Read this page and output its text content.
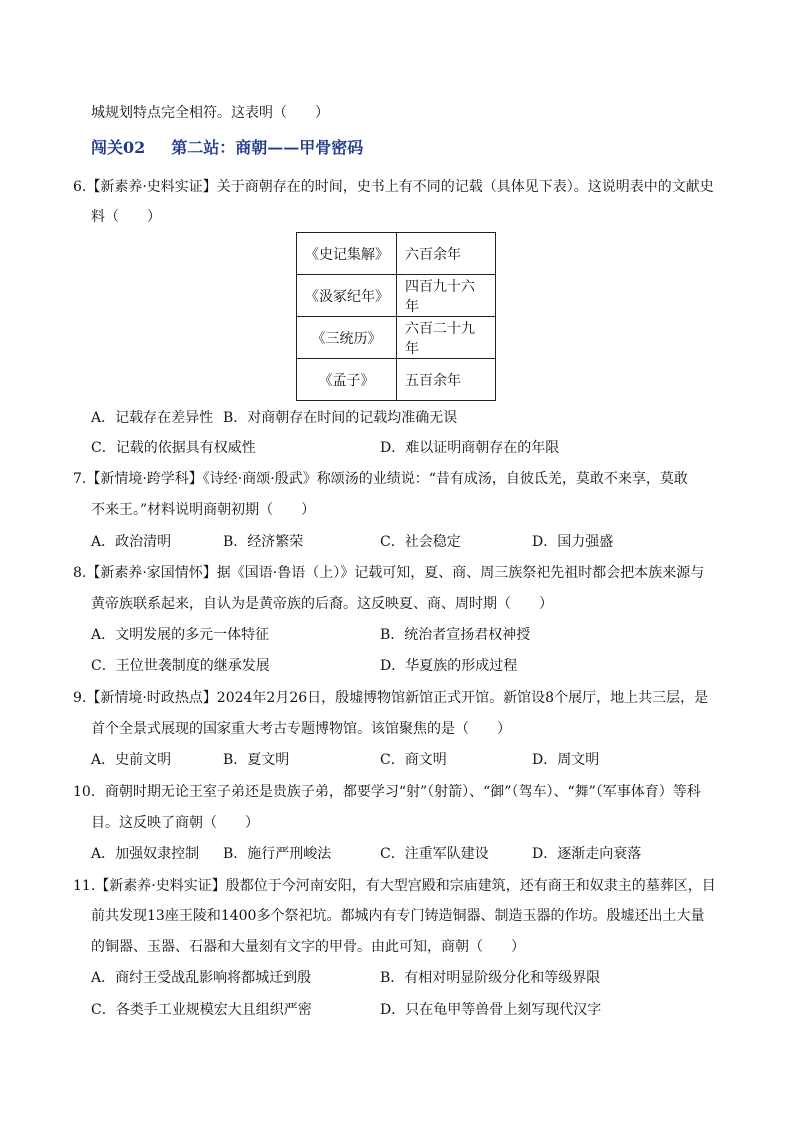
城规划特点完全相符。这表明（　　）
闯关02 第二站：商朝——甲骨密码
6.【新素养·史料实证】关于商朝存在的时间，史书上有不同的记载（具体见下表）。这说明表中的文献史
料（　　）
《史记集解》	六百余年
《汲冢纪年》	四百九十六年
《三统历》	六百二十九年
《孟子》	五百余年
A．记载存在差异性 B．对商朝存在时间的记载均准确无误
C．记载的依据具有权威性	D．难以证明商朝存在的年限
7.【新情境·跨学科】《诗经·商颂·殷武》称颂汤的业绩说：“昔有成汤，自彼氐羌，莫敢不来享，莫敢
不来王。”材料说明商朝初期（　　）
A．政治清明	B．经济繁荣	C．社会稳定	D．国力强盛
8.【新素养·家国情怀】据《国语·鲁语（上）》记载可知，夏、商、周三族祭祀先祖时都会把本族来源与
黄帝族联系起来，自认为是黄帝族的后裔。这反映夏、商、周时期（　　）
A．文明发展的多元一体特征	B．统治者宣扬君权神授
C．王位世袭制度的继承发展	D．华夏族的形成过程
9.【新情境·时政热点】2024年2月26日，殷墟博物馆新馆正式开馆。新馆设8个展厅，地上共三层，是
首个全景式展现的国家重大考古专题博物馆。该馆聚焦的是（　　）
A．史前文明	B．夏文明	C．商文明	D．周文明
10．商朝时期无论王室子弟还是贵族子弟，都要学习“射”（射箭）、“御”（驾车）、“舞”（军事体育）等科
目。这反映了商朝（　　）
A．加强奴隶控制 B．施行严刑峻法	C．注重军队建设	D．逐渐走向衰落
11.【新素养·史料实证】殷都位于今河南安阳，有大型宫殿和宗庙建筑，还有商王和奴隶主的墓葬区，目
前共发现13座王陵和1400多个祭祀坑。都城内有专门铸造铜器、制造玉器的作坊。殷墟还出土大量
的铜器、玉器、石器和大量刻有文字的甲骨。由此可知，商朝（　　）
A．商纣王受战乱影响将都城迁到殷	B．有相对明显阶级分化和等级界限
C．各类手工业规模宏大且组织严密	D．只在龟甲等兽骨上刻写现代汉字
